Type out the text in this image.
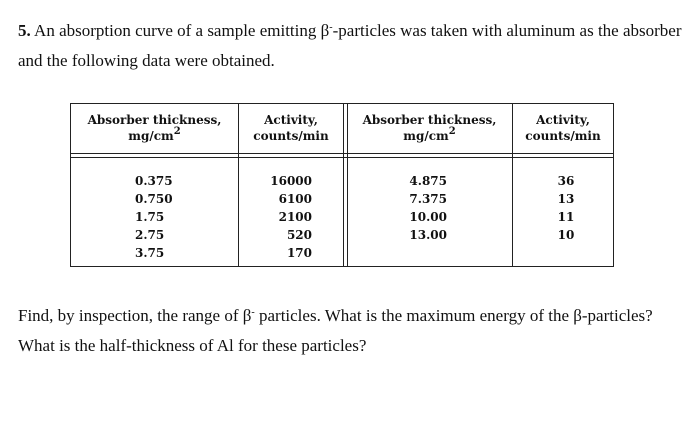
5. An absorption curve of a sample emitting β--particles was taken with aluminum as the absorber and the following data were obtained.

Absorber thickness,
$mg/cm^2$
Activity,
counts/min
Absorber thickness,
$mg/cm^2$
Activity,
counts/min
0.375
0.750
1.75
2.75
3.75
16000
6100
2100
520
170
4.875
7.375
10.00
13.00
36
13
11
10

Find, by inspection, the range of β- particles. What is the maximum energy of the β-particles? What is the half-thickness of Al for these particles?
